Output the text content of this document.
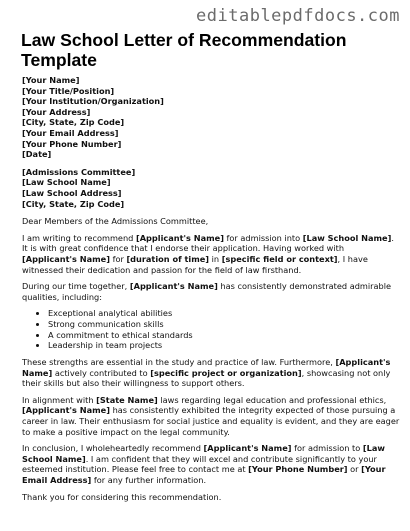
editablepdfdocs.com
Law School Letter of Recommendation Template
[Your Name]
[Your Title/Position]
[Your Institution/Organization]
[Your Address]
[City, State, Zip Code]
[Your Email Address]
[Your Phone Number]
[Date]
[Admissions Committee]
[Law School Name]
[Law School Address]
[City, State, Zip Code]

Dear Members of the Admissions Committee,

I am writing to recommend [Applicant's Name] for admission into [Law School Name]. It is with great confidence that I endorse their application. Having worked with [Applicant's Name] for [duration of time] in [specific field or context], I have witnessed their dedication and passion for the field of law firsthand.

During our time together, [Applicant's Name] has consistently demonstrated admirable qualities, including:

• Exceptional analytical abilities
• Strong communication skills
• A commitment to ethical standards
• Leadership in team projects

These strengths are essential in the study and practice of law. Furthermore, [Applicant's Name] actively contributed to [specific project or organization], showcasing not only their skills but also their willingness to support others.

In alignment with [State Name] laws regarding legal education and professional ethics, [Applicant's Name] has consistently exhibited the integrity expected of those pursuing a career in law. Their enthusiasm for social justice and equality is evident, and they are eager to make a positive impact on the legal community.

In conclusion, I wholeheartedly recommend [Applicant's Name] for admission to [Law School Name]. I am confident that they will excel and contribute significantly to your esteemed institution. Please feel free to contact me at [Your Phone Number] or [Your Email Address] for any further information.

Thank you for considering this recommendation.
